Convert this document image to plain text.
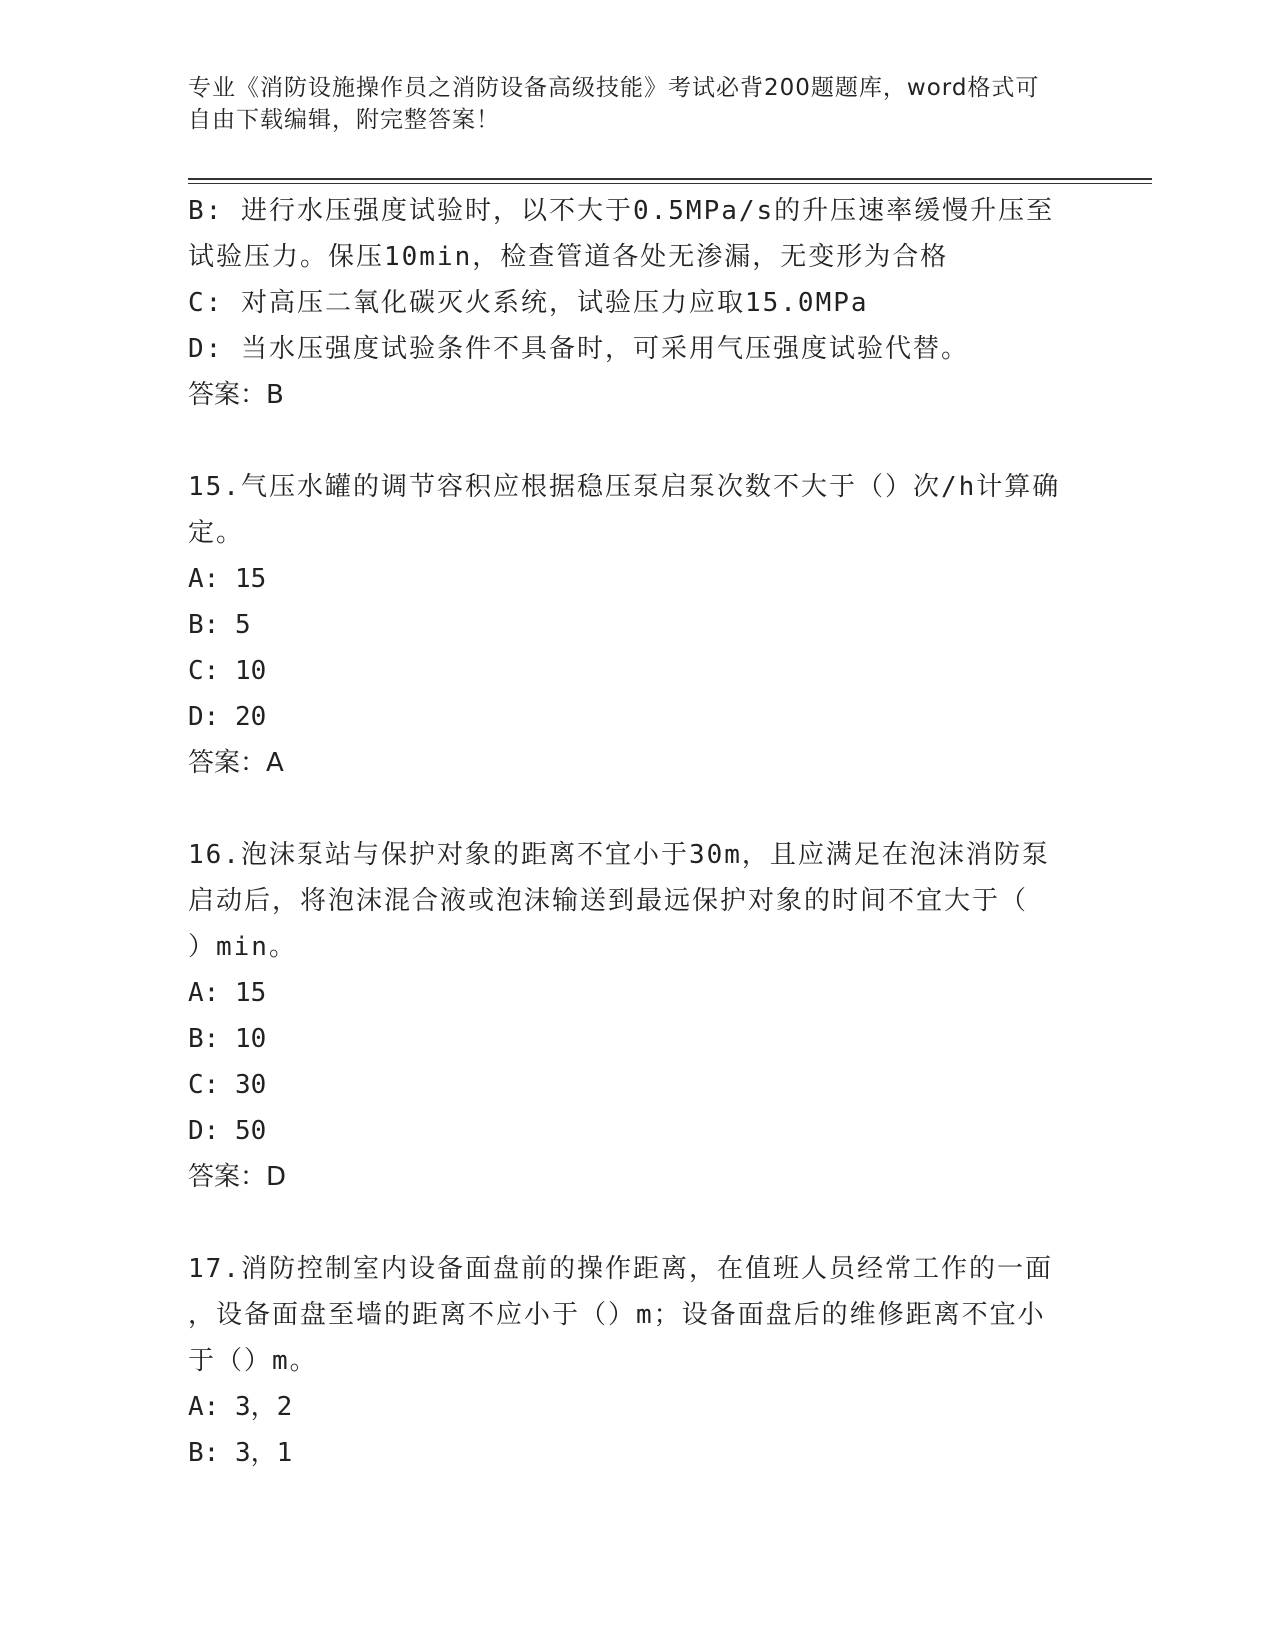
专业《消防设施操作员之消防设备高级技能》考试必背200题题库，word格式可
自由下载编辑，附完整答案！
B: 进行水压强度试验时，以不大于0.5MPa/s的升压速率缓慢升压至
试验压力。保压10min，检查管道各处无渗漏，无变形为合格
C: 对高压二氧化碳灭火系统，试验压力应取15.0MPa
D: 当水压强度试验条件不具备时，可采用气压强度试验代替。
答案：B
15.气压水罐的调节容积应根据稳压泵启泵次数不大于（）次/h计算确
定。
A: 15
B: 5
C: 10
D: 20
答案：A
16.泡沫泵站与保护对象的距离不宜小于30m，且应满足在泡沫消防泵
启动后，将泡沫混合液或泡沫输送到最远保护对象的时间不宜大于（
）min。
A: 15
B: 10
C: 30
D: 50
答案：D
17.消防控制室内设备面盘前的操作距离，在值班人员经常工作的一面
，设备面盘至墙的距离不应小于（）m；设备面盘后的维修距离不宜小
于（）m。
A: 3，2
B: 3，1
